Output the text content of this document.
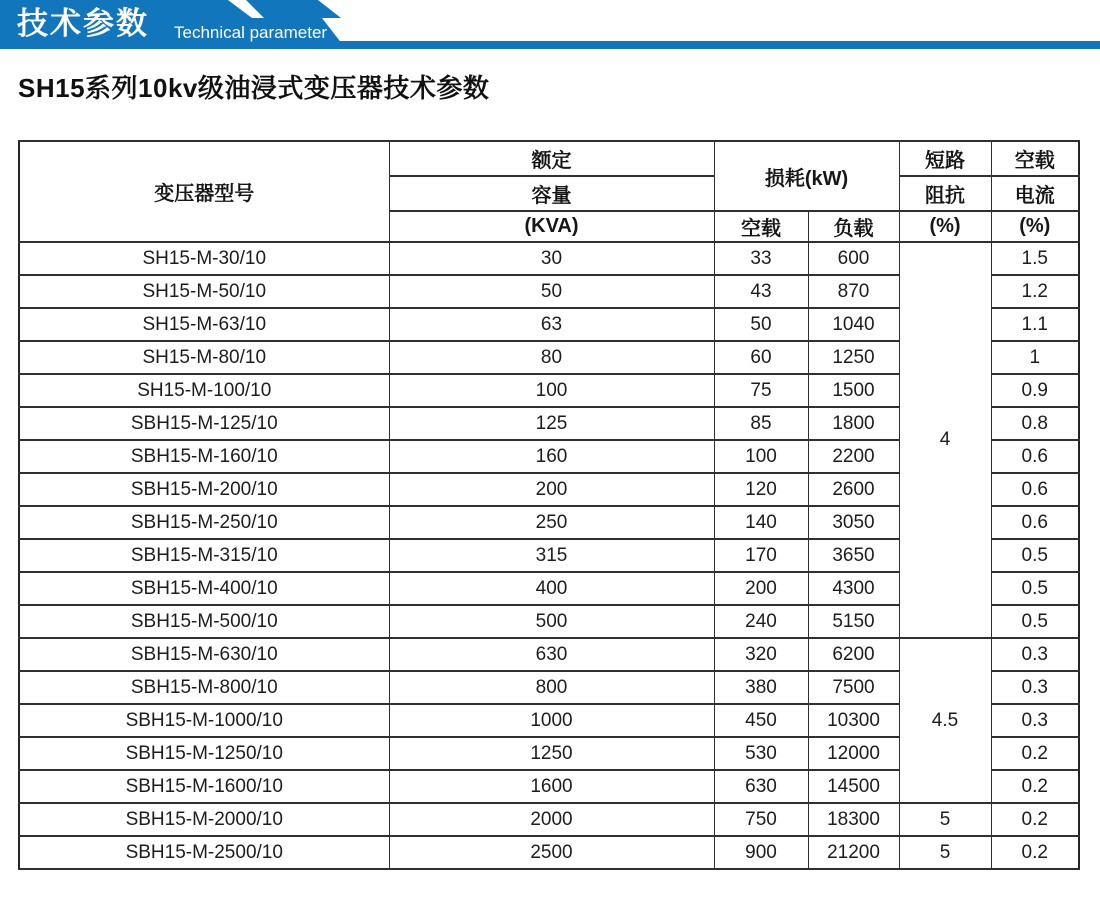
技术参数 Technical parameter
SH15系列10kv级油浸式变压器技术参数
变压器型号	额定	损耗(kW)		短路	空载
	容量			阻抗	电流
	(KVA)	空载	负载	(%)	(%)
SH15-M-30/10	30	33	600	4	1.5
SH15-M-50/10	50	43	870		1.2
SH15-M-63/10	63	50	1040		1.1
SH15-M-80/10	80	60	1250		1
SH15-M-100/10	100	75	1500		0.9
SBH15-M-125/10	125	85	1800		0.8
SBH15-M-160/10	160	100	2200		0.6
SBH15-M-200/10	200	120	2600		0.6
SBH15-M-250/10	250	140	3050		0.6
SBH15-M-315/10	315	170	3650		0.5
SBH15-M-400/10	400	200	4300		0.5
SBH15-M-500/10	500	240	5150		0.5
SBH15-M-630/10	630	320	6200	4.5	0.3
SBH15-M-800/10	800	380	7500		0.3
SBH15-M-1000/10	1000	450	10300		0.3
SBH15-M-1250/10	1250	530	12000		0.2
SBH15-M-1600/10	1600	630	14500		0.2
SBH15-M-2000/10	2000	750	18300	5	0.2
SBH15-M-2500/10	2500	900	21200	5	0.2
